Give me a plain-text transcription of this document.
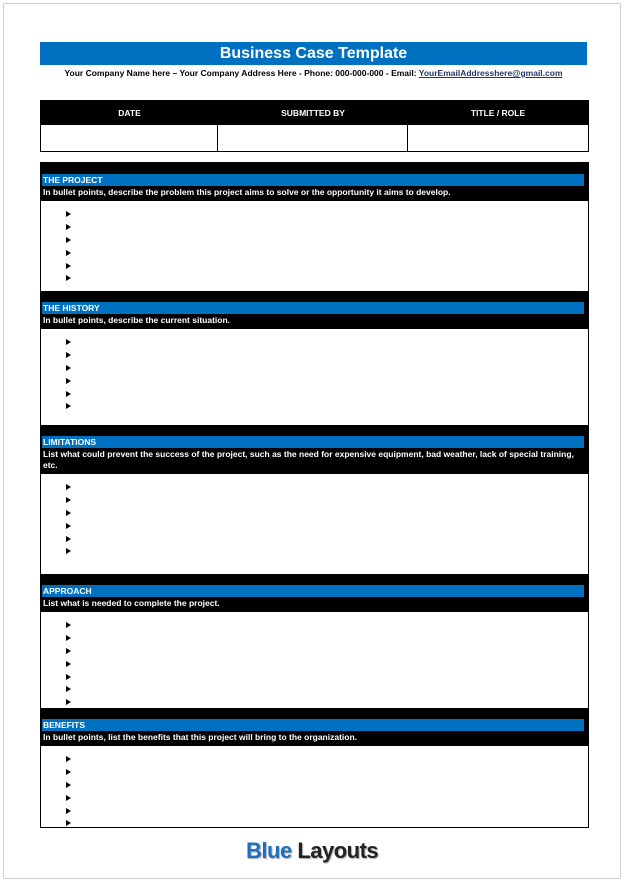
Business Case Template
Your Company Name here – Your Company Address Here - Phone: 000-000-000 - Email: YourEmailAddresshere@gmail.com
DATE	SUBMITTED BY	TITLE / ROLE
THE PROJECT
In bullet points, describe the problem this project aims to solve or the opportunity it aims to develop.
THE HISTORY
In bullet points, describe the current situation.
LIMITATIONS
List what could prevent the success of the project, such as the need for expensive equipment, bad weather, lack of special training, etc.
APPROACH
List what is needed to complete the project.
BENEFITS
In bullet points, list the benefits that this project will bring to the organization.
Blue Layouts
